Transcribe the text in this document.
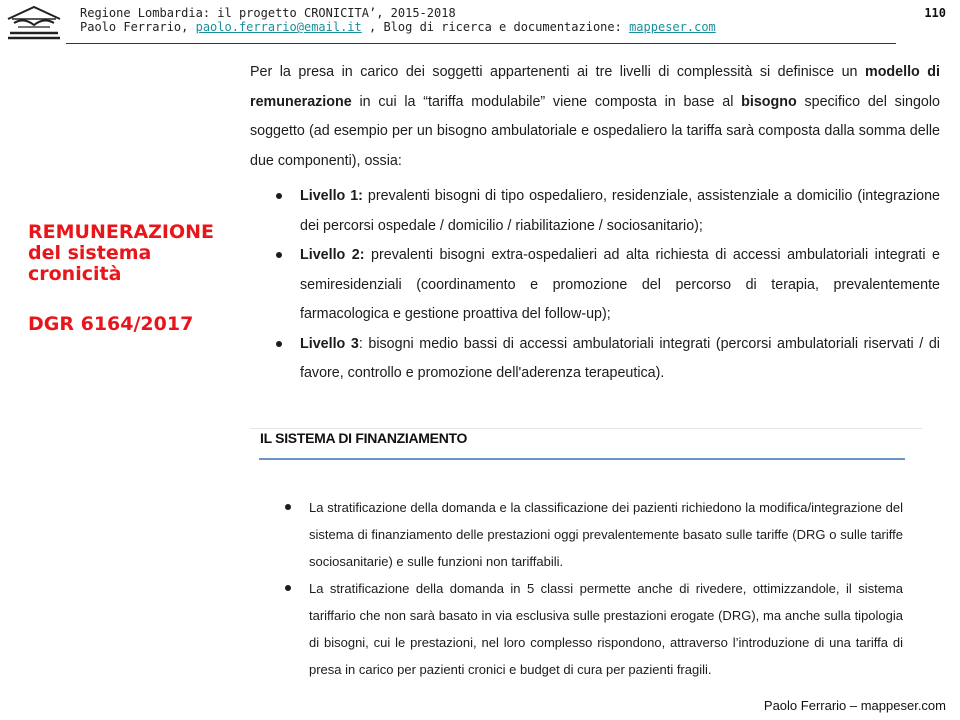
Regione Lombardia: il progetto CRONICITA’, 2015-2018
Paolo Ferrario, paolo.ferrario@email.it , Blog di ricerca e documentazione: mappeser.com
110
REMUNERAZIONE
del sistema
cronicità
DGR 6164/2017

Per la presa in carico dei soggetti appartenenti ai tre livelli di complessità si definisce un modello di remunerazione in cui la “tariffa modulabile” viene composta in base al bisogno specifico del singolo soggetto (ad esempio per un bisogno ambulatoriale e ospedaliero la tariffa sarà composta dalla somma delle due componenti), ossia:

Livello 1: prevalenti bisogni di tipo ospedaliero, residenziale, assistenziale a domicilio (integrazione dei percorsi ospedale / domicilio / riabilitazione / sociosanitario);
Livello 2: prevalenti bisogni extra-ospedalieri ad alta richiesta di accessi ambulatoriali integrati e semiresidenziali (coordinamento e promozione del percorso di terapia, prevalentemente farmacologica e gestione proattiva del follow-up);
Livello 3: bisogni medio bassi di accessi ambulatoriali integrati (percorsi ambulatoriali riservati / di favore, controllo e promozione dell'aderenza terapeutica).
IL SISTEMA DI FINANZIAMENTO
La stratificazione della domanda e la classificazione dei pazienti richiedono la modifica/integrazione del sistema di finanziamento delle prestazioni oggi prevalentemente basato sulle tariffe (DRG o sulle tariffe sociosanitarie) e sulle funzioni non tariffabili.
La stratificazione della domanda in 5 classi permette anche di rivedere, ottimizzandole, il sistema tariffario che non sarà basato in via esclusiva sulle prestazioni erogate (DRG), ma anche sulla tipologia di bisogni, cui le prestazioni, nel loro complesso rispondono, attraverso l’introduzione di una tariffa di presa in carico per pazienti cronici e budget di cura per pazienti fragili.
Paolo Ferrario – mappeser.com
